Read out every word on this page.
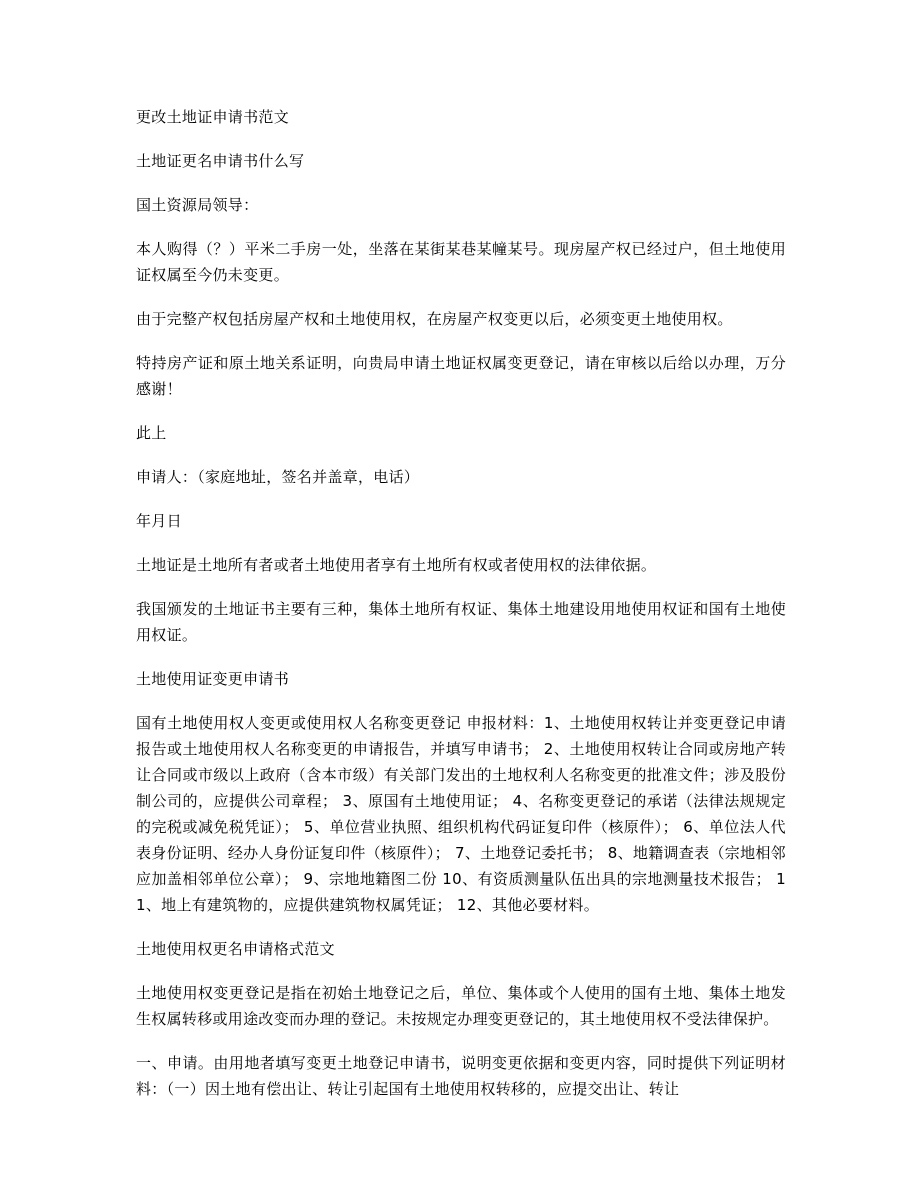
更改土地证申请书范文

土地证更名申请书什么写

国土资源局领导：

本人购得（？）平米二手房一处，坐落在某街某巷某幢某号。现房屋产权已经过户，但土地使用证权属至今仍未变更。

由于完整产权包括房屋产权和土地使用权，在房屋产权变更以后，必须变更土地使用权。

特持房产证和原土地关系证明，向贵局申请土地证权属变更登记，请在审核以后给以办理，万分感谢！

此上

申请人：（家庭地址，签名并盖章，电话）

年月日

土地证是土地所有者或者土地使用者享有土地所有权或者使用权的法律依据。

我国颁发的土地证书主要有三种，集体土地所有权证、集体土地建设用地使用权证和国有土地使用权证。

土地使用证变更申请书

国有土地使用权人变更或使用权人名称变更登记 申报材料：1、土地使用权转让并变更登记申请报告或土地使用权人名称变更的申请报告，并填写申请书； 2、土地使用权转让合同或房地产转让合同或市级以上政府（含本市级）有关部门发出的土地权利人名称变更的批准文件；涉及股份制公司的，应提供公司章程； 3、原国有土地使用证； 4、名称变更登记的承诺（法律法规规定的完税或减免税凭证）； 5、单位营业执照、组织机构代码证复印件（核原件）； 6、单位法人代表身份证明、经办人身份证复印件（核原件）； 7、土地登记委托书； 8、地籍调查表（宗地相邻应加盖相邻单位公章）； 9、宗地地籍图二份 10、有资质测量队伍出具的宗地测量技术报告； 11、地上有建筑物的，应提供建筑物权属凭证； 12、其他必要材料。

土地使用权更名申请格式范文

土地使用权变更登记是指在初始土地登记之后，单位、集体或个人使用的国有土地、集体土地发生权属转移或用途改变而办理的登记。未按规定办理变更登记的，其土地使用权不受法律保护。

一、申请。由用地者填写变更土地登记申请书，说明变更依据和变更内容，同时提供下列证明材料：（一）因土地有偿出让、转让引起国有土地使用权转移的，应提交出让、转让
